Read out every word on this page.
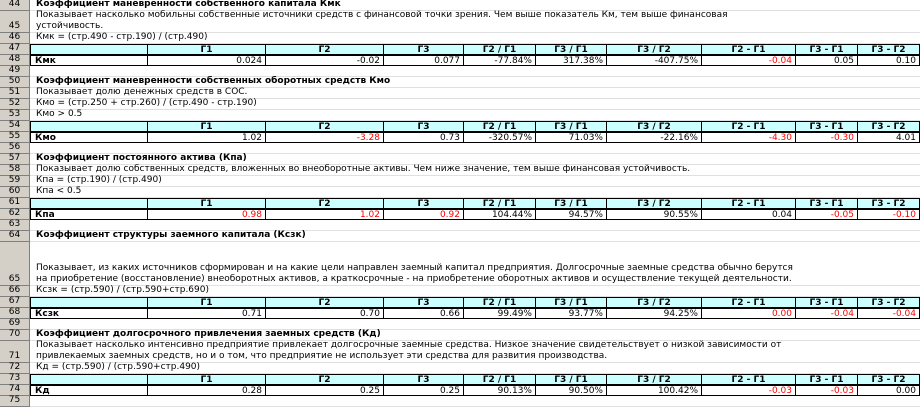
44	Коэффициент маневренности собственного капитала Кмк
45
Показывает насколько мобильны собственные источники средств с финансовой точки зрения. Чем выше показатель Км, тем выше финансовая устойчивость.
46	Кмк = (стр.490 - стр.190) / (стр.490)
47	Г1	Г2	Г3	Г2 / Г1	Г3 / Г1	Г3 / Г2	Г2 - Г1	Г3 - Г1	Г3 - Г2
48	Кмк	0.024	-0.02	0.077	-77.84%	317.38%	-407.75%	-0.04	0.05	0.10
49
50	Коэффициент маневренности собственных оборотных средств Кмо
51	Показывает долю денежных средств в СОС.
52	Кмо = (стр.250 + стр.260) / (стр.490 - стр.190)
53	Кмо > 0.5
54	Г1	Г2	Г3	Г2 / Г1	Г3 / Г1	Г3 / Г2	Г2 - Г1	Г3 - Г1	Г3 - Г2
55	Кмо	1.02	-3.28	0.73	-320.57%	71.03%	-22.16%	-4.30	-0.30	4.01
56
57	Коэффициент постоянного актива (Кпа)
58	Показывает долю собственных средств, вложенных во внеоборотные активы. Чем ниже значение, тем выше финансовая устойчивость.
59	Кпа = (стр.190) / (стр.490)
60	Кпа < 0.5
61	Г1	Г2	Г3	Г2 / Г1	Г3 / Г1	Г3 / Г2	Г2 - Г1	Г3 - Г1	Г3 - Г2
62	Кпа	0.98	1.02	0.92	104.44%	94.57%	90.55%	0.04	-0.05	-0.10
63
64	Коэффициент структуры заемного капитала (Ксзк)
65
Показывает, из каких источников сформирован и на какие цели направлен заемный капитал предприятия. Долгосрочные заемные средства обычно берутся на приобретение (восстановление) внеоборотных активов, а краткосрочные - на приобретение оборотных активов и осуществление текущей деятельности.
66	Ксзк = (стр.590) / (стр.590+стр.690)
67	Г1	Г2	Г3	Г2 / Г1	Г3 / Г1	Г3 / Г2	Г2 - Г1	Г3 - Г1	Г3 - Г2
68	Ксзк	0.71	0.70	0.66	99.49%	93.77%	94.25%	0.00	-0.04	-0.04
69
70	Коэффициент долгосрочного привлечения заемных средств (Кд)
71
Показывает насколько интенсивно предприятие привлекает долгосрочные заемные средства. Низкое значение свидетельствует о низкой зависимости от привлекаемых заемных средств, но и о том, что предприятие не использует эти средства для развития производства.
72	Кд = (стр.590) / (стр.590+стр.490)
73	Г1	Г2	Г3	Г2 / Г1	Г3 / Г1	Г3 / Г2	Г2 - Г1	Г3 - Г1	Г3 - Г2
74	Кд	0.28	0.25	0.25	90.13%	90.50%	100.42%	-0.03	-0.03	0.00
75
